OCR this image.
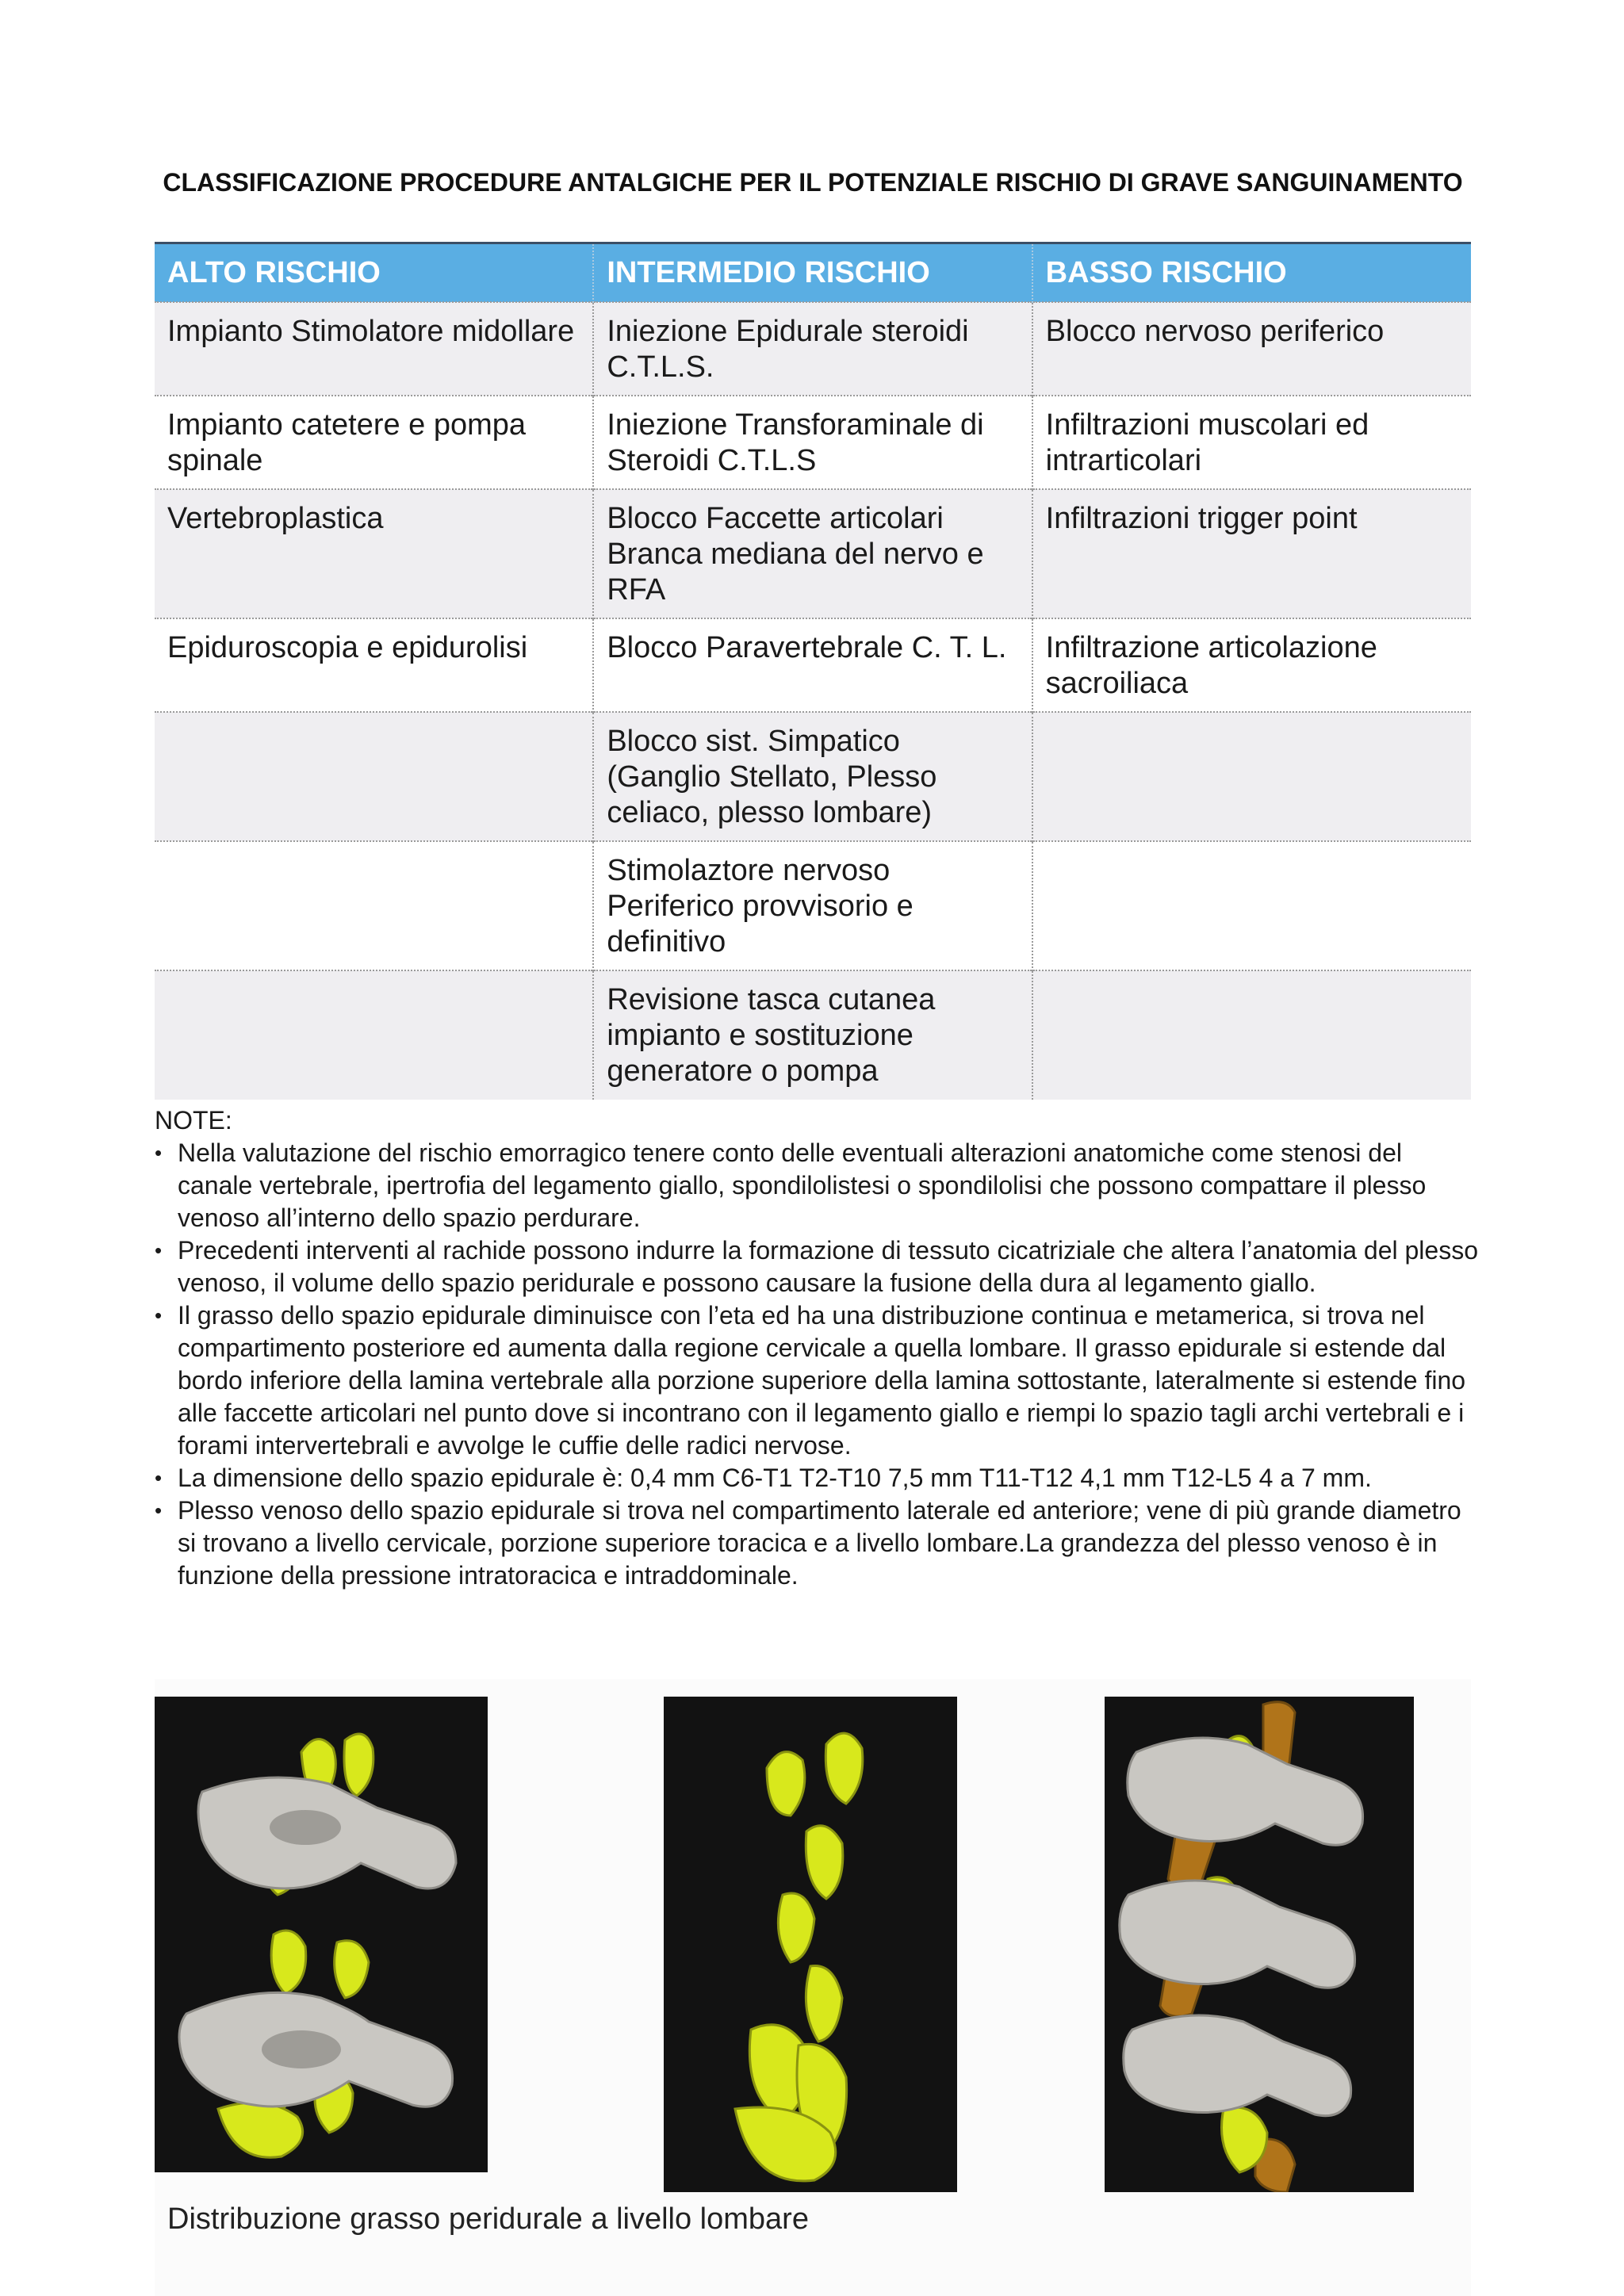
CLASSIFICAZIONE PROCEDURE ANTALGICHE PER IL POTENZIALE RISCHIO DI GRAVE SANGUINAMENTO
ALTO RISCHIO	INTERMEDIO RISCHIO	BASSO RISCHIO
Impianto Stimolatore midollare	Iniezione Epidurale steroidi C.T.L.S.	Blocco nervoso periferico
Impianto catetere e pompa spinale	Iniezione Transforaminale di Steroidi C.T.L.S	Infiltrazioni muscolari ed intrarticolari
Vertebroplastica	Blocco Faccette articolari Branca mediana del nervo e RFA	Infiltrazioni trigger point
Epiduroscopia e epidurolisi	Blocco Paravertebrale C. T. L.	Infiltrazione articolazione sacroiliaca
	Blocco sist. Simpatico (Ganglio Stellato, Plesso celiaco, plesso lombare)	
	Stimolaztore nervoso Periferico provvisorio e definitivo	
	Revisione tasca cutanea impianto e sostituzione generatore o pompa	

NOTE:

• Nella valutazione del rischio emorragico tenere conto delle eventuali alterazioni anatomiche come stenosi del canale vertebrale, ipertrofia del legamento giallo, spondilolistesi o spondilolisi che possono compattare il plesso venoso all’interno dello spazio perdurare.
• Precedenti interventi al rachide possono indurre la formazione di tessuto cicatriziale che altera l’anatomia del plesso venoso, il volume dello spazio peridurale e possono causare la fusione della dura al legamento giallo.
• Il grasso dello spazio epidurale diminuisce con l’eta ed ha una distribuzione continua e metamerica, si trova nel compartimento posteriore ed aumenta dalla regione cervicale a quella lombare. Il grasso epidurale si estende dal bordo inferiore della lamina vertebrale alla porzione superiore della lamina sottostante, lateralmente si estende fino alle faccette articolari nel punto dove si incontrano con il legamento giallo e riempi lo spazio tagli archi vertebrali e i forami intervertebrali e avvolge le cuffie delle radici nervose.
• La dimensione dello spazio epidurale è: 0,4 mm C6-T1 T2-T10 7,5 mm T11-T12 4,1 mm T12-L5 4 a 7 mm.
• Plesso venoso dello spazio epidurale si trova nel compartimento laterale ed anteriore; vene di più grande diametro si trovano a livello cervicale, porzione superiore toracica e a livello lombare.La grandezza del plesso venoso è in funzione della pressione intratoracica e intraddominale.
Distribuzione grasso peridurale a livello lombare
